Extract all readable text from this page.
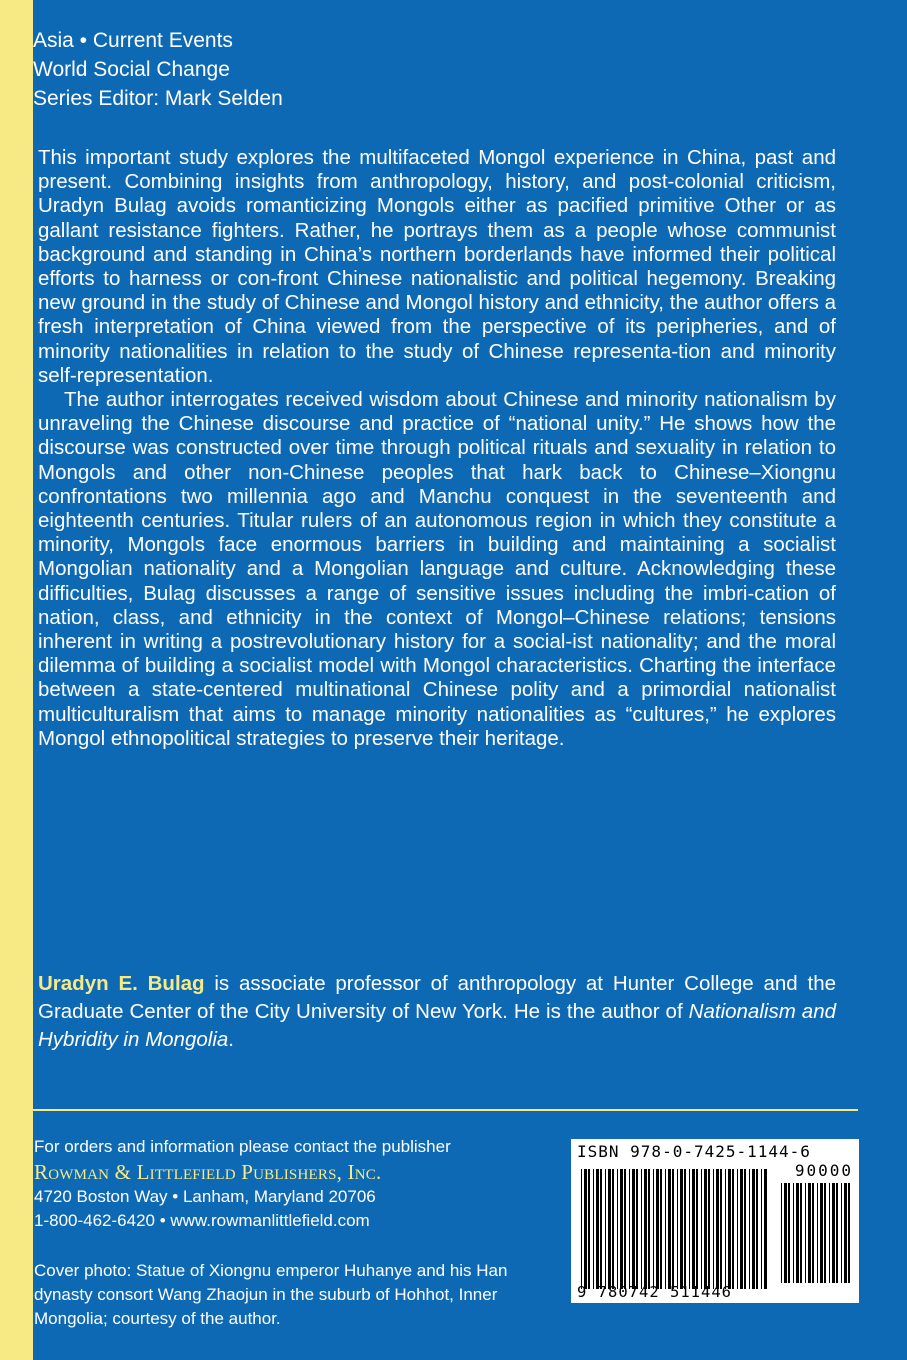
Asia • Current Events
World Social Change
Series Editor: Mark Selden

This important study explores the multifaceted Mongol experience in China, past and present. Combining insights from anthropology, history, and post-colonial criticism, Uradyn Bulag avoids romanticizing Mongols either as pacified primitive Other or as gallant resistance fighters. Rather, he portrays them as a people whose communist background and standing in China’s northern borderlands have informed their political efforts to harness or con-front Chinese nationalistic and political hegemony. Breaking new ground in the study of Chinese and Mongol history and ethnicity, the author offers a fresh interpretation of China viewed from the perspective of its peripheries, and of minority nationalities in relation to the study of Chinese representa-tion and minority self-representation.

The author interrogates received wisdom about Chinese and minority nationalism by unraveling the Chinese discourse and practice of “national unity.” He shows how the discourse was constructed over time through political rituals and sexuality in relation to Mongols and other non-Chinese peoples that hark back to Chinese–Xiongnu confrontations two millennia ago and Manchu conquest in the seventeenth and eighteenth centuries. Titular rulers of an autonomous region in which they constitute a minority, Mongols face enormous barriers in building and maintaining a socialist Mongolian nationality and a Mongolian language and culture. Acknowledging these difficulties, Bulag discusses a range of sensitive issues including the imbri-cation of nation, class, and ethnicity in the context of Mongol–Chinese relations; tensions inherent in writing a postrevolutionary history for a social-ist nationality; and the moral dilemma of building a socialist model with Mongol characteristics. Charting the interface between a state-centered multinational Chinese polity and a primordial nationalist multiculturalism that aims to manage minority nationalities as “cultures,” he explores Mongol ethnopolitical strategies to preserve their heritage.

Uradyn E. Bulag is associate professor of anthropology at Hunter College and the Graduate Center of the City University of New York. He is the author of Nationalism and Hybridity in Mongolia.
For orders and information please contact the publisher
Rowman & Littlefield Publishers, Inc.
4720 Boston Way • Lanham, Maryland 20706
1-800-462-6420 • www.rowmanlittlefield.com
Cover photo: Statue of Xiongnu emperor Huhanye and his Han dynasty consort Wang Zhaojun in the suburb of Hohhot, Inner Mongolia; courtesy of the author.
ISBN 978-0-7425-1144-6
90000
9 780742 511446
